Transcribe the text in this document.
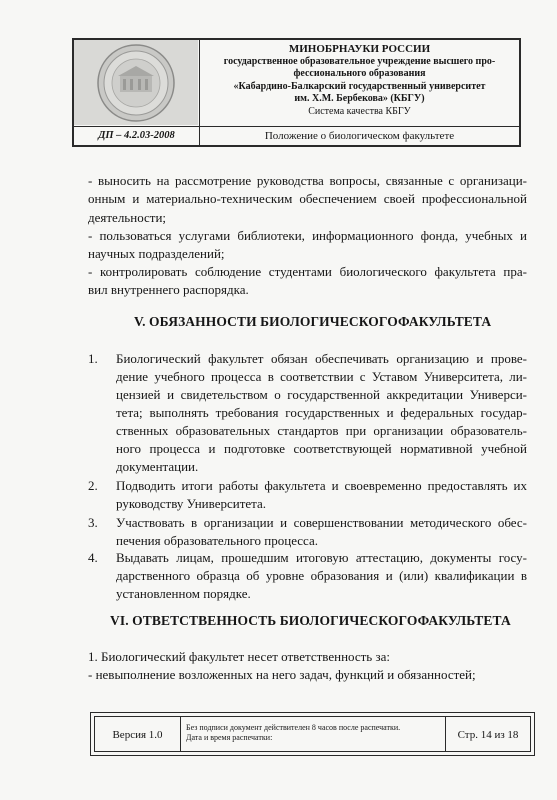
МИНОБРНАУКИ РОССИИ
государственное образовательное учреждение высшего про-
фессионального образования
«Кабардино-Балкарский государственный университет
им. Х.М. Бербекова» (КБГУ)
Система качества КБГУ
ДП – 4.2.03-2008	Положение о биологическом факультете
- выносить на рассмотрение руководства вопросы, связанные с организаци-
онным и материально-техническим обеспечением своей профессиональной
деятельности;
- пользоваться услугами библиотеки, информационного фонда, учебных и
научных подразделений;
- контролировать соблюдение студентами биологического факультета пра-
вил внутреннего распорядка.
V. ОБЯЗАННОСТИ БИОЛОГИЧЕСКОГОФАКУЛЬТЕТА
1. Биологический факультет обязан обеспечивать организацию и прове-
дение учебного процесса в соответствии с Уставом Университета, ли-
цензией и свидетельством о государственной аккредитации Универси-
тета; выполнять требования государственных и федеральных государ-
ственных образовательных стандартов при организации образователь-
ного процесса и подготовке соответствующей нормативной учебной
документации.
2. Подводить итоги работы факультета и своевременно предоставлять их
руководству Университета.
3. Участвовать в организации и совершенствовании методического обес-
печения образовательного процесса.
4. Выдавать лицам, прошедшим итоговую аттестацию, документы госу-
дарственного образца об уровне образования и (или) квалификации в
установленном порядке.
VI. ОТВЕТСТВЕННОСТЬ БИОЛОГИЧЕСКОГОФАКУЛЬТЕТА
1. Биологический факультет несет ответственность за:
- невыполнение возложенных на него задач, функций и обязанностей;
Версия 1.0
Без подписи документ действителен 8 часов после распечатки.
Дата и время распечатки:	Стр. 14 из 18
